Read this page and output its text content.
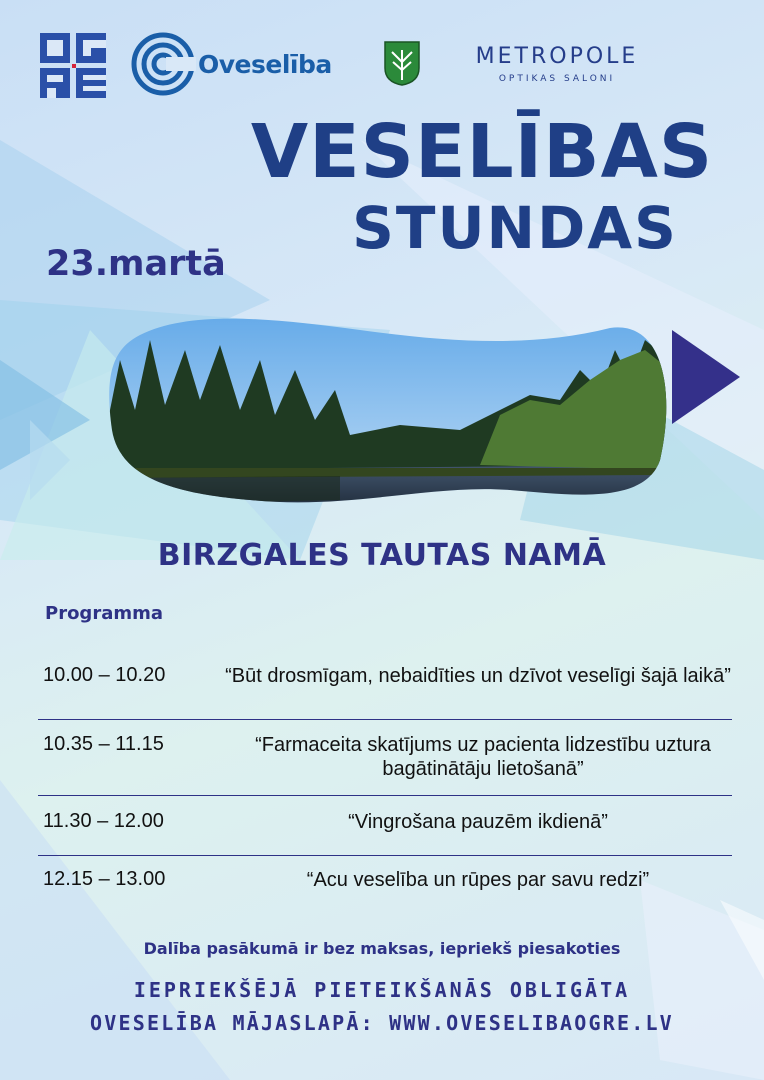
Oveselība	METROPOLE
OPTIKAS SALONI
VESELĪBAS
STUNDAS
23.martā
BIRZGALES TAUTAS NAMĀ
Programma
10.00 – 10.20	“Būt drosmīgam, nebaidīties un dzīvot veselīgi šajā laikā”
10.35 – 11.15	“Farmaceita skatījums uz pacienta lidzestību uztura bagātinātāju lietošanā”
11.30 – 12.00	“Vingrošana pauzēm ikdienā”
12.15 – 13.00	“Acu veselība un rūpes par savu redzi”
Dalība pasākumā ir bez maksas, iepriekš piesakoties
IEPRIEKŠĒJĀ PIETEIKŠANĀS OBLIGĀTA
OVESELĪBA MĀJASLAPĀ: WWW.OVESELIBAOGRE.LV
